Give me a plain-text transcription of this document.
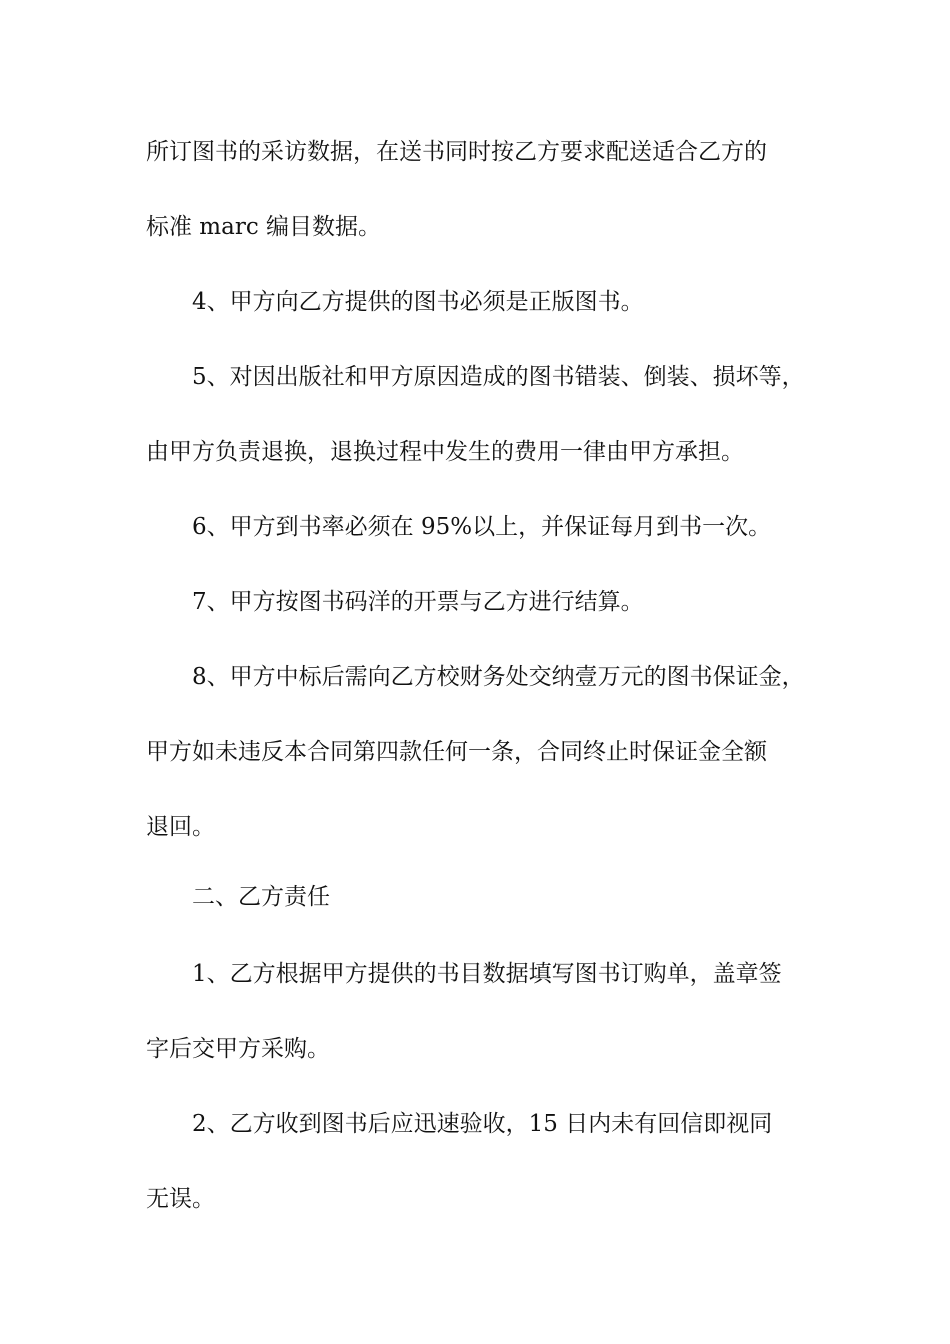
所订图书的采访数据，在送书同时按乙方要求配送适合乙方的
标准 marc 编目数据。
4、甲方向乙方提供的图书必须是正版图书。
5、对因出版社和甲方原因造成的图书错装、倒装、损坏等，
由甲方负责退换，退换过程中发生的费用一律由甲方承担。
6、甲方到书率必须在 95%以上，并保证每月到书一次。
7、甲方按图书码洋的开票与乙方进行结算。
8、甲方中标后需向乙方校财务处交纳壹万元的图书保证金，
甲方如未违反本合同第四款任何一条，合同终止时保证金全额
退回。
二、乙方责任
1、乙方根据甲方提供的书目数据填写图书订购单，盖章签
字后交甲方采购。
2、乙方收到图书后应迅速验收，15 日内未有回信即视同
无误。
